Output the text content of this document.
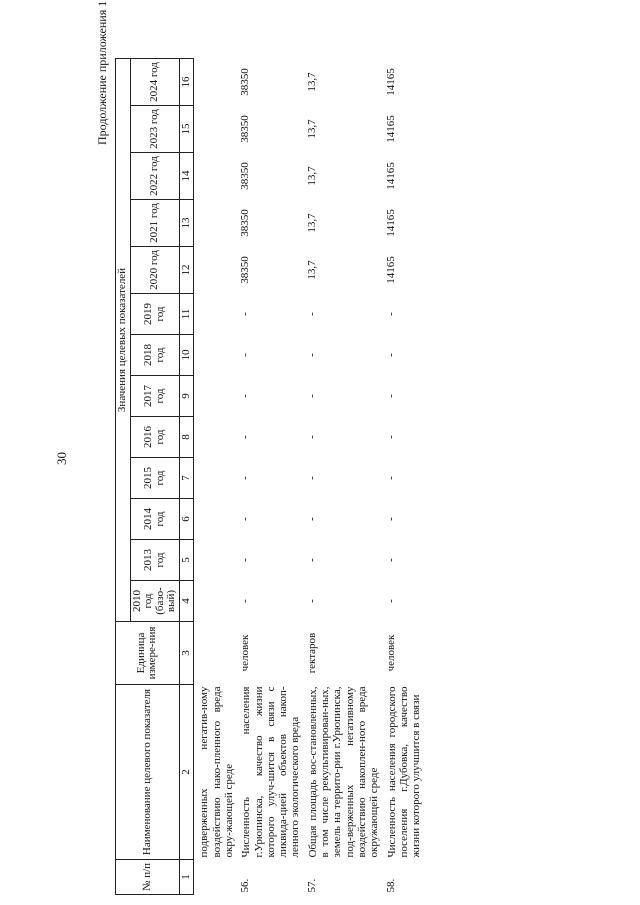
30
Продолжение приложения 1
№ п/п	Наименование целевого показателя	Единица измере-ния	Значения целевых показателей												
			2010 год (базо-вый)	2013 год	2014 год	2015 год	2016 год	2017 год	2018 год	2019 год	2020 год	2021 год	2022 год	2023 год	2024 год
1	2	3	4	5	6	7	8	9	10	11	12	13	14	15	16
	подверженных негатив-ному воздействию нако-пленного вреда окру-жающей среде														
56.	Численность населения г.Урюпинска, качество жизни которого улуч-шится в связи с ликвида-цией объектов накоп-ленного экологического вреда	человек	-	-	-	-	-	-	-	-	38350	38350	38350	38350	38350
57.	Общая площадь вос-становленных, в том числе рекультивирован-ных, земель на террито-рии г.Урюпинска, под-верженных негативному воздействию накоплен-ного вреда окружающей среде	гектаров	-	-	-	-	-	-	-	-	13,7	13,7	13,7	13,7	13,7
58.	Численность населения городского поселения г.Дубовка, качество жизни которого улучшится в связи	человек	-	-	-	-	-	-	-	-	14165	14165	14165	14165	14165
